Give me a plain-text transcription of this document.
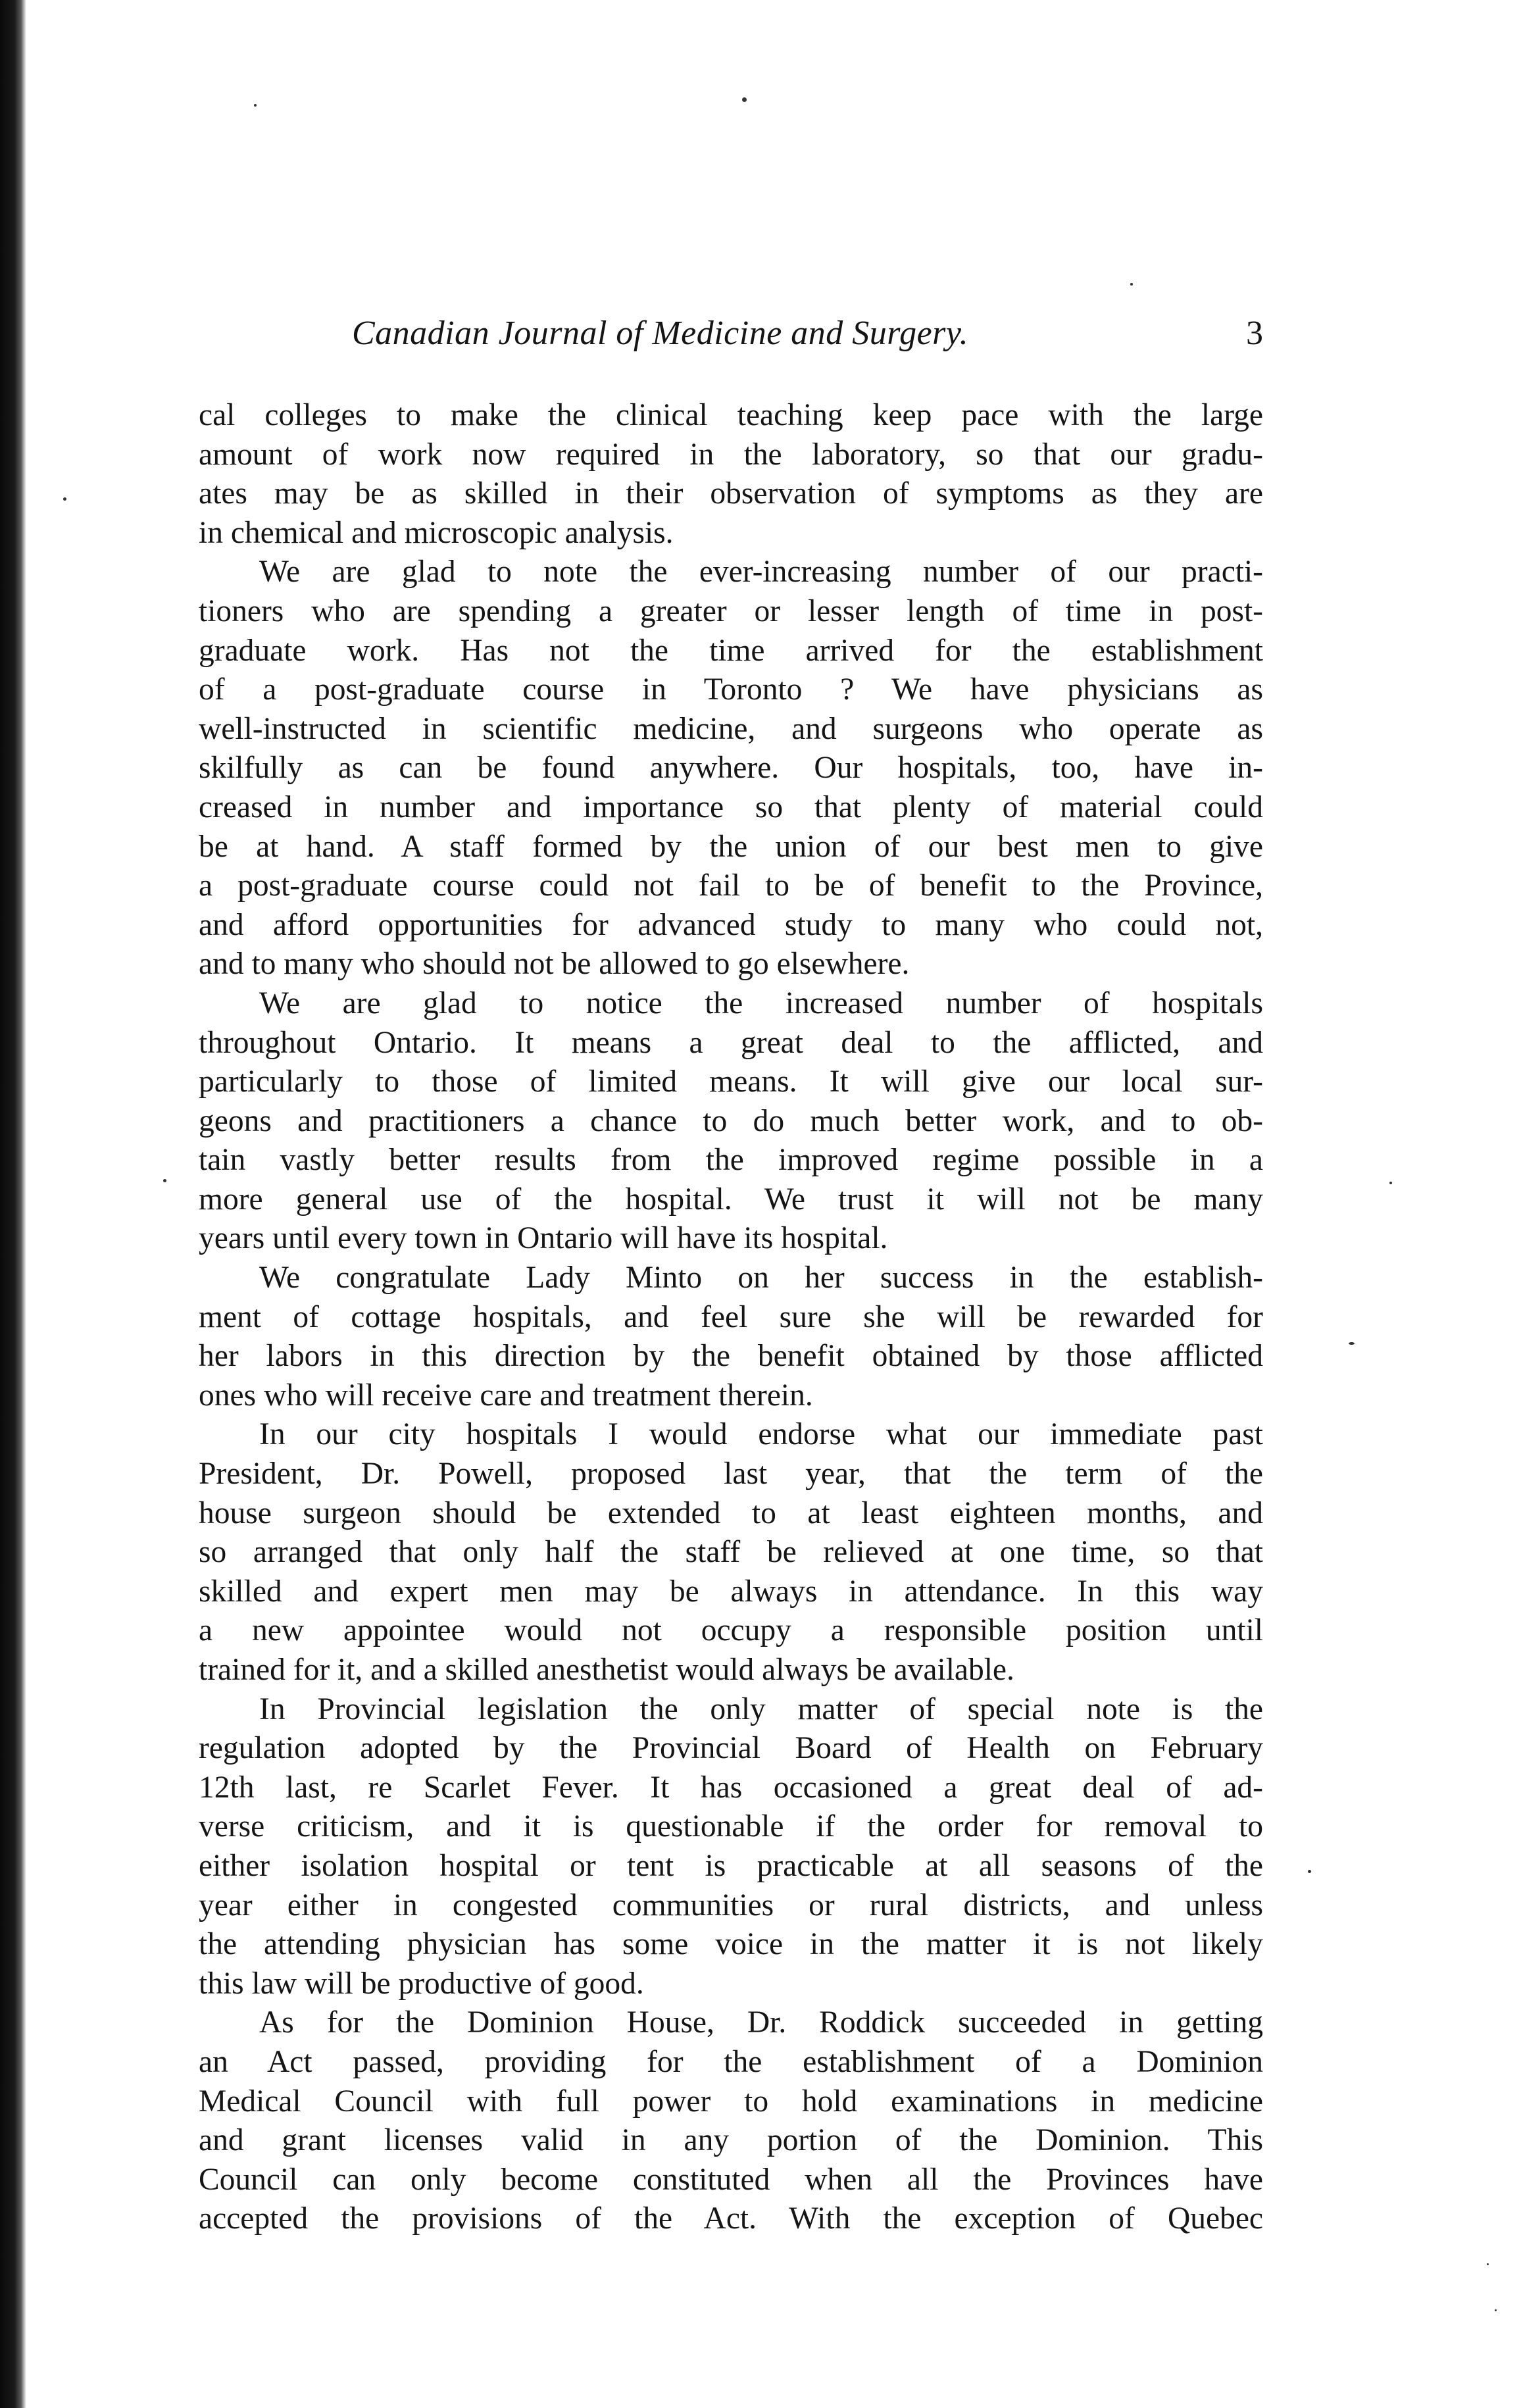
Canadian Journal of Medicine and Surgery.	3
cal colleges to make the clinical teaching keep pace with the large
amount of work now required in the laboratory, so that our gradu-
ates may be as skilled in their observation of symptoms as they are
in chemical and microscopic analysis.
We are glad to note the ever-increasing number of our practi-
tioners who are spending a greater or lesser length of time in post-
graduate work. Has not the time arrived for the establishment
of a post-graduate course in Toronto ? We have physicians as
well-instructed in scientific medicine, and surgeons who operate as
skilfully as can be found anywhere. Our hospitals, too, have in-
creased in number and importance so that plenty of material could
be at hand. A staff formed by the union of our best men to give
a post-graduate course could not fail to be of benefit to the Province,
and afford opportunities for advanced study to many who could not,
and to many who should not be allowed to go elsewhere.
We are glad to notice the increased number of hospitals
throughout Ontario. It means a great deal to the afflicted, and
particularly to those of limited means. It will give our local sur-
geons and practitioners a chance to do much better work, and to ob-
tain vastly better results from the improved regime possible in a
more general use of the hospital. We trust it will not be many
years until every town in Ontario will have its hospital.
We congratulate Lady Minto on her success in the establish-
ment of cottage hospitals, and feel sure she will be rewarded for
her labors in this direction by the benefit obtained by those afflicted
ones who will receive care and treatment therein.
In our city hospitals I would endorse what our immediate past
President, Dr. Powell, proposed last year, that the term of the
house surgeon should be extended to at least eighteen months, and
so arranged that only half the staff be relieved at one time, so that
skilled and expert men may be always in attendance. In this way
a new appointee would not occupy a responsible position until
trained for it, and a skilled anesthetist would always be available.
In Provincial legislation the only matter of special note is the
regulation adopted by the Provincial Board of Health on February
12th last, re Scarlet Fever. It has occasioned a great deal of ad-
verse criticism, and it is questionable if the order for removal to
either isolation hospital or tent is practicable at all seasons of the
year either in congested communities or rural districts, and unless
the attending physician has some voice in the matter it is not likely
this law will be productive of good.
As for the Dominion House, Dr. Roddick succeeded in getting
an Act passed, providing for the establishment of a Dominion
Medical Council with full power to hold examinations in medicine
and grant licenses valid in any portion of the Dominion. This
Council can only become constituted when all the Provinces have
accepted the provisions of the Act. With the exception of Quebec
